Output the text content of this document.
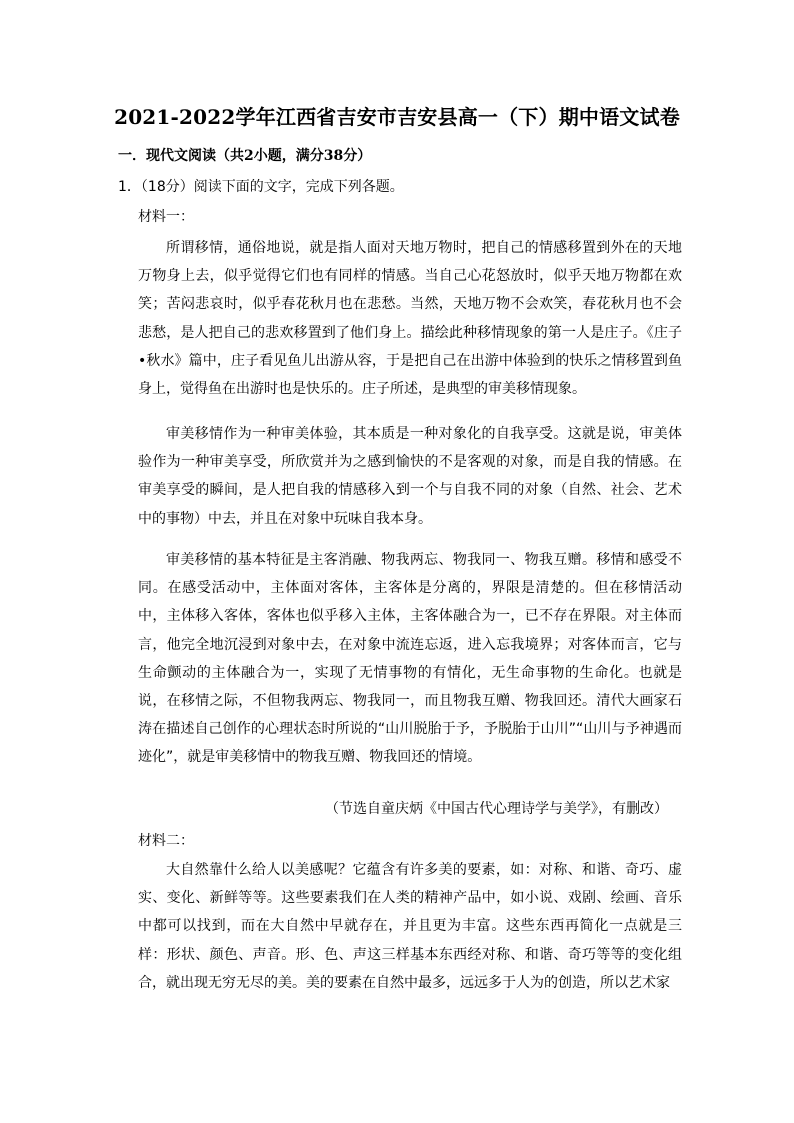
2021-2022学年江西省吉安市吉安县高一（下）期中语文试卷
一．现代文阅读（共2小题，满分38分）
1．（18分）阅读下面的文字，完成下列各题。
材料一：

所谓移情，通俗地说，就是指人面对天地万物时，把自己的情感移置到外在的天地万物身上去，似乎觉得它们也有同样的情感。当自己心花怒放时，似乎天地万物都在欢笑；苦闷悲哀时，似乎春花秋月也在悲愁。当然，天地万物不会欢笑，春花秋月也不会悲愁，是人把自己的悲欢移置到了他们身上。描绘此种移情现象的第一人是庄子。《庄子•秋水》篇中，庄子看见鱼儿出游从容，于是把自己在出游中体验到的快乐之情移置到鱼身上，觉得鱼在出游时也是快乐的。庄子所述，是典型的审美移情现象。

审美移情作为一种审美体验，其本质是一种对象化的自我享受。这就是说，审美体验作为一种审美享受，所欣赏并为之感到愉快的不是客观的对象，而是自我的情感。在审美享受的瞬间，是人把自我的情感移入到一个与自我不同的对象（自然、社会、艺术中的事物）中去，并且在对象中玩味自我本身。

审美移情的基本特征是主客消融、物我两忘、物我同一、物我互赠。移情和感受不同。在感受活动中，主体面对客体，主客体是分离的，界限是清楚的。但在移情活动中，主体移入客体，客体也似乎移入主体，主客体融合为一，已不存在界限。对主体而言，他完全地沉浸到对象中去，在对象中流连忘返，进入忘我境界；对客体而言，它与生命颤动的主体融合为一，实现了无情事物的有情化，无生命事物的生命化。也就是说，在移情之际，不但物我两忘、物我同一，而且物我互赠、物我回还。清代大画家石涛在描述自己创作的心理状态时所说的“山川脱胎于予，予脱胎于山川”“山川与予神遇而迹化”，就是审美移情中的物我互赠、物我回还的情境。

（节选自童庆炳《中国古代心理诗学与美学》，有删改）
材料二：

大自然靠什么给人以美感呢？它蕴含有许多美的要素，如：对称、和谐、奇巧、虚实、变化、新鲜等等。这些要素我们在人类的精神产品中，如小说、戏剧、绘画、音乐中都可以找到，而在大自然中早就存在，并且更为丰富。这些东西再简化一点就是三样：形状、颜色、声音。形、色、声这三样基本东西经对称、和谐、奇巧等等的变化组合，就出现无穷无尽的美。美的要素在自然中最多，远远多于人为的创造，所以艺术家
